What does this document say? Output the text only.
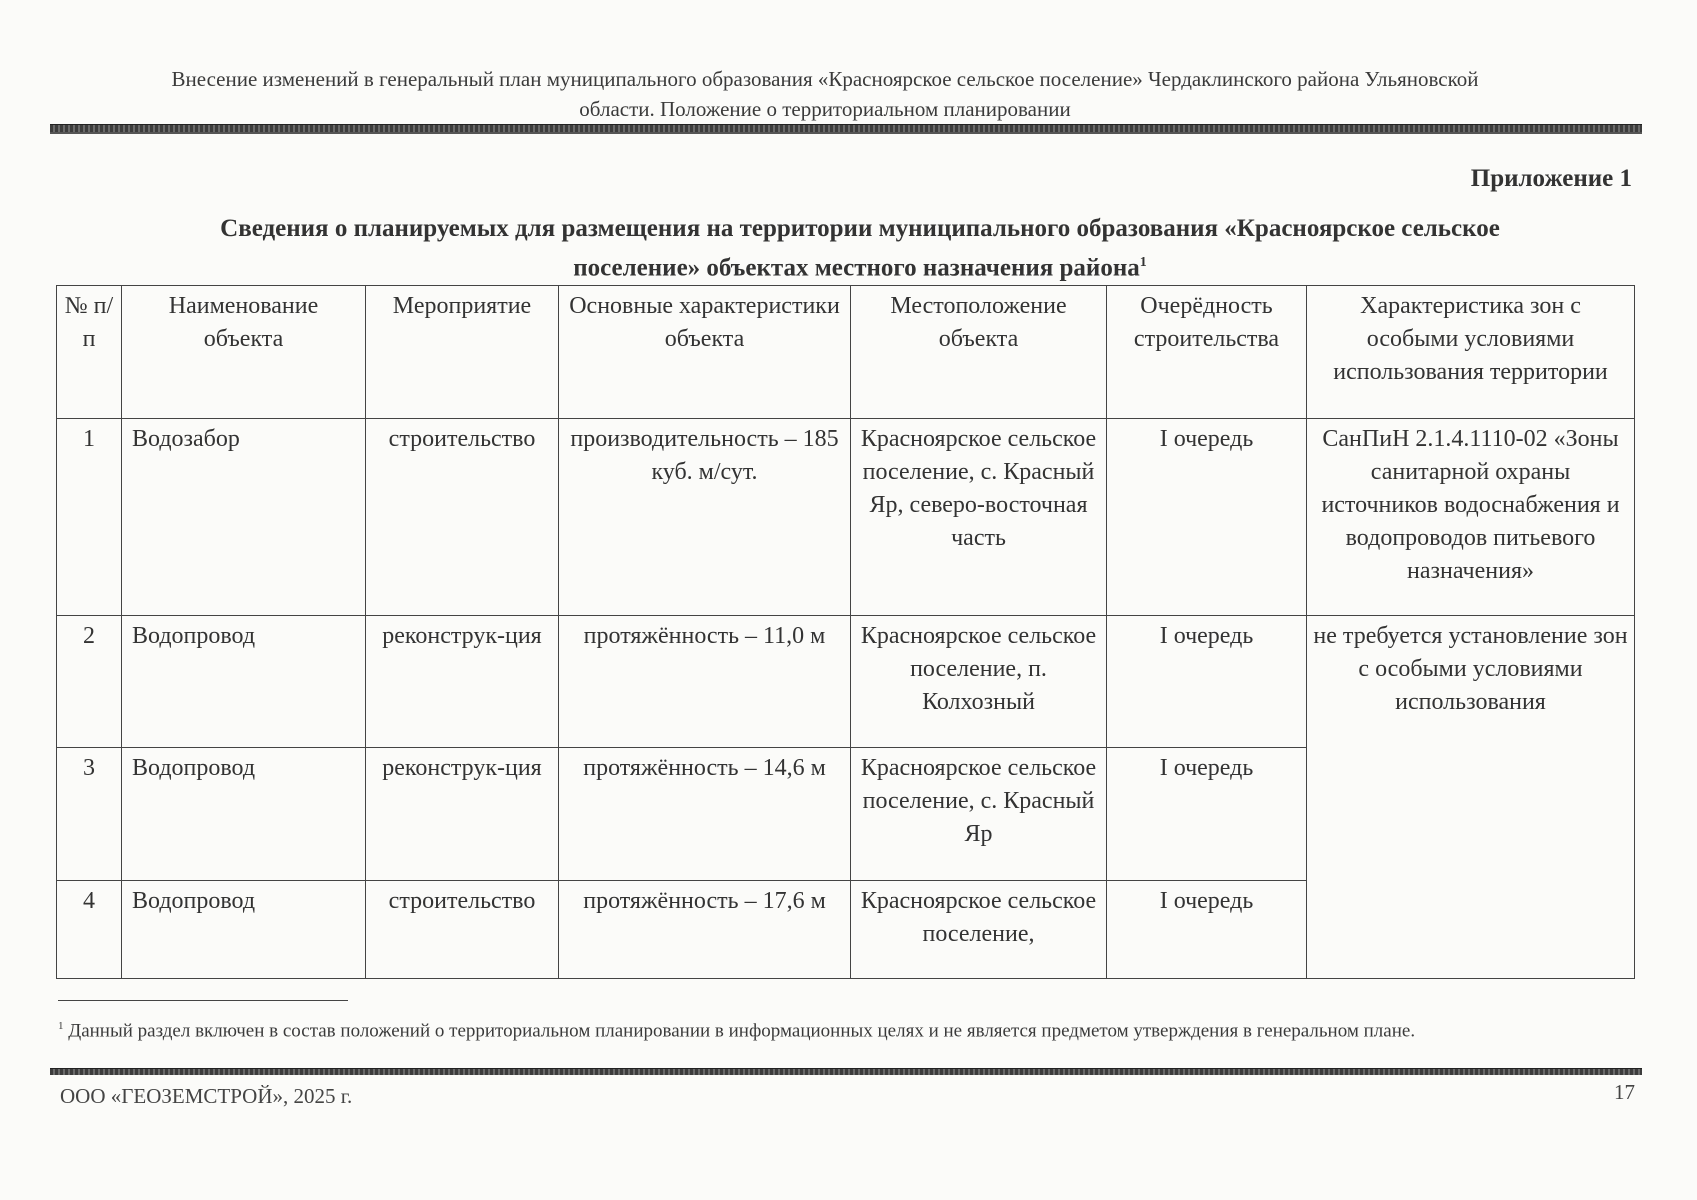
Внесение изменений в генеральный план муниципального образования «Красноярское сельское поселение» Чердаклинского района Ульяновской
области. Положение о территориальном планировании
Приложение 1
Сведения о планируемых для размещения на территории муниципального образования «Красноярское сельское
поселение» объектах местного назначения района$^1$
№ п/п	Наименование объекта	Мероприятие	Основные характеристики объекта	Местоположение объекта	Очерёдность строительства	Характеристика зон с особыми условиями использования территории
1	Водозабор	строительство	производительность – 185 куб. м/сут.	Красноярское сельское поселение, с. Красный Яр, северо-восточная часть	I очередь	СанПиН 2.1.4.1110-02 «Зоны санитарной охраны источников водоснабжения и водопроводов питьевого назначения»
2	Водопровод	реконструк-ция	протяжённость – 11,0 м	Красноярское сельское поселение, п. Колхозный	I очередь	не требуется установление зон с особыми условиями использования
3	Водопровод	реконструк-ция	протяжённость – 14,6 м	Красноярское сельское поселение, с. Красный Яр	I очередь	
4	Водопровод	строительство	протяжённость – 17,6 м	Красноярское сельское поселение,	I очередь	
$^1$ Данный раздел включен в состав положений о территориальном планировании в информационных целях и не является предметом утверждения в генеральном плане.
ООО «ГЕОЗЕМСТРОЙ», 2025 г.	17
